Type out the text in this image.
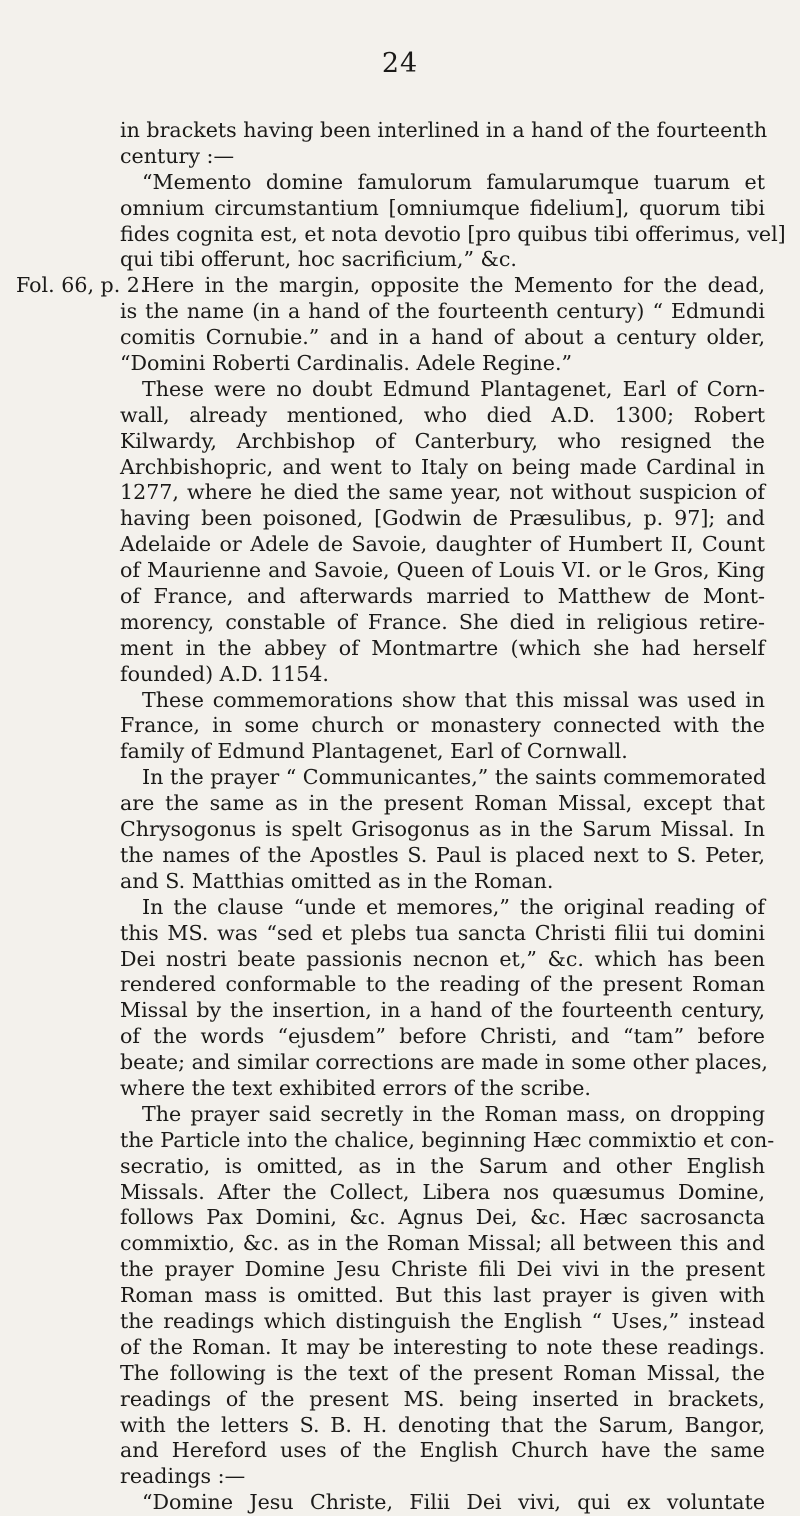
24
in brackets having been interlined in a hand of the fourteenth
century :—
“Memento domine famulorum famularumque tuarum et
omnium circumstantium [omniumque fidelium], quorum tibi
fides cognita est, et nota devotio [pro quibus tibi offerimus, vel]
qui tibi offerunt, hoc sacrificium,” &c.
Fol. 66, p. 2.
Here in the margin, opposite the Memento for the dead,
is the name (in a hand of the fourteenth century) “ Edmundi
comitis Cornubie.” and in a hand of about a century older,
“Domini Roberti Cardinalis. Adele Regine.”
These were no doubt Edmund Plantagenet, Earl of Corn-
wall, already mentioned, who died A.D. 1300; Robert
Kilwardy, Archbishop of Canterbury, who resigned the
Archbishopric, and went to Italy on being made Cardinal in
1277, where he died the same year, not without suspicion of
having been poisoned, [Godwin de Præsulibus, p. 97]; and
Adelaide or Adele de Savoie, daughter of Humbert II, Count
of Maurienne and Savoie, Queen of Louis VI. or le Gros, King
of France, and afterwards married to Matthew de Mont-
morency, constable of France. She died in religious retire-
ment in the abbey of Montmartre (which she had herself
founded) A.D. 1154.
These commemorations show that this missal was used in
France, in some church or monastery connected with the
family of Edmund Plantagenet, Earl of Cornwall.
In the prayer “ Communicantes,” the saints commemorated
are the same as in the present Roman Missal, except that
Chrysogonus is spelt Grisogonus as in the Sarum Missal. In
the names of the Apostles S. Paul is placed next to S. Peter,
and S. Matthias omitted as in the Roman.
In the clause “unde et memores,” the original reading of
this MS. was “sed et plebs tua sancta Christi filii tui domini
Dei nostri beate passionis necnon et,” &c. which has been
rendered conformable to the reading of the present Roman
Missal by the insertion, in a hand of the fourteenth century,
of the words “ejusdem” before Christi, and “tam” before
beate; and similar corrections are made in some other places,
where the text exhibited errors of the scribe.
The prayer said secretly in the Roman mass, on dropping
the Particle into the chalice, beginning Hæc commixtio et con-
secratio, is omitted, as in the Sarum and other English
Missals. After the Collect, Libera nos quæsumus Domine,
follows Pax Domini, &c. Agnus Dei, &c. Hæc sacrosancta
commixtio, &c. as in the Roman Missal; all between this and
the prayer Domine Jesu Christe fili Dei vivi in the present
Roman mass is omitted. But this last prayer is given with
the readings which distinguish the English “ Uses,” instead
of the Roman. It may be interesting to note these readings.
The following is the text of the present Roman Missal, the
readings of the present MS. being inserted in brackets,
with the letters S. B. H. denoting that the Sarum, Bangor,
and Hereford uses of the English Church have the same
readings :—
“Domine Jesu Christe, Filii Dei vivi, qui ex voluntate
